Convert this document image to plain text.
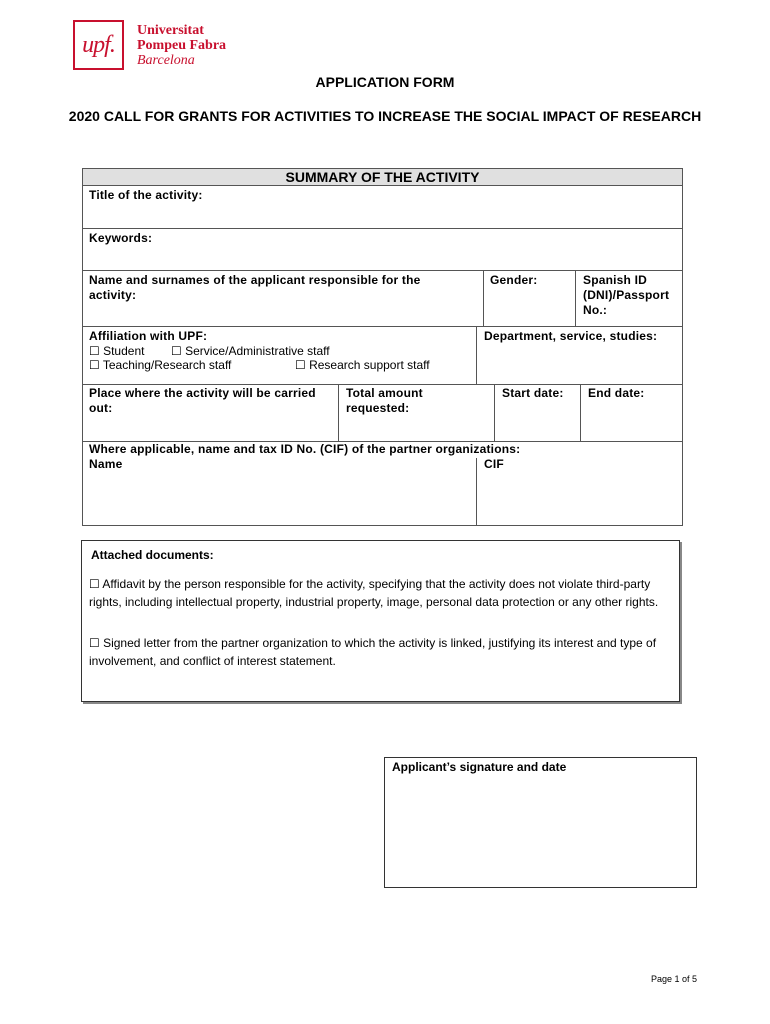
upf.
Universitat
Pompeu Fabra
Barcelona
APPLICATION FORM
2020 CALL FOR GRANTS FOR ACTIVITIES TO INCREASE THE SOCIAL IMPACT OF RESEARCH
SUMMARY OF THE ACTIVITY
Title of the activity:
Keywords:
Name and surnames of the applicant responsible for the activity:
Gender:	Spanish ID (DNI)/Passport No.:
Affiliation with UPF:
☐ Student ☐ Service/Administrative staff
☐ Teaching/Research staff	☐ Research support staff
Department, service, studies:
Place where the activity will be carried out:
Total amount requested:
Start date: End date:
Where applicable, name and tax ID No. (CIF) of the partner organizations:
Name	CIF
Attached documents:
☐ Affidavit by the person responsible for the activity, specifying that the activity does not violate third-party rights, including intellectual property, industrial property, image, personal data protection or any other rights.
☐ Signed letter from the partner organization to which the activity is linked, justifying its interest and type of involvement, and conflict of interest statement.
Applicant’s signature and date
Page 1 of 5
